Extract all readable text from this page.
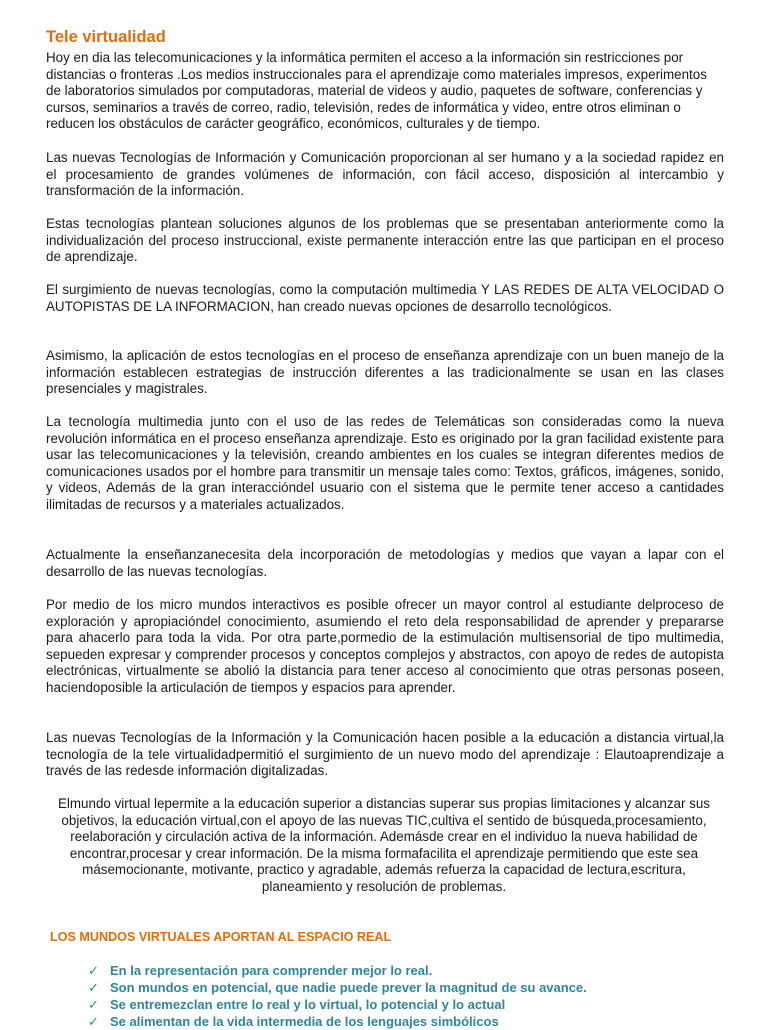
Tele virtualidad

Hoy en dia las telecomunicaciones y la informática permiten el acceso a la información sin restricciones por distancias o fronteras .Los medios instruccionales para el aprendizaje como materiales impresos, experimentos de laboratorios simulados por computadoras, material de videos y audio, paquetes de software, conferencias y cursos, seminarios a través de correo, radio, televisión, redes de informática y video, entre otros eliminan o reducen los obstáculos de carácter geográfico, económicos, culturales y de tiempo.

Las nuevas Tecnologías de Información y Comunicación proporcionan al ser humano y a la sociedad rapidez en el procesamiento de grandes volúmenes de información, con fácil acceso, disposición al intercambio y transformación de la información.

Estas tecnologías plantean soluciones algunos de los problemas que se presentaban anteriormente como la individualización del proceso instruccional, existe permanente interacción entre las que participan en el proceso de aprendizaje.

El surgimiento de nuevas tecnologías, como la computación multimedia Y LAS REDES DE ALTA VELOCIDAD O AUTOPISTAS DE LA INFORMACION, han creado nuevas opciones de desarrollo tecnológicos.

Asimismo, la aplicación de estos tecnologías en el proceso de enseñanza aprendizaje con un buen manejo de la información establecen estrategias de instrucción diferentes a las tradicionalmente se usan en las clases presenciales y magistrales.

La tecnología multimedia junto con el uso de las redes de Telemáticas son consideradas como la nueva revolución informática en el proceso enseñanza aprendizaje. Esto es originado por la gran facilidad existente para usar las telecomunicaciones y la televisión, creando ambientes en los cuales se integran diferentes medios de comunicaciones usados por el hombre para transmitir un mensaje tales como: Textos, gráficos, imágenes, sonido, y videos, Además de la gran interaccióndel usuario con el sistema que le permite tener acceso a cantidades ilimitadas de recursos y a materiales actualizados.

Actualmente la enseñanzanecesita dela incorporación de metodologías y medios que vayan a lapar con el desarrollo de las nuevas tecnologías.

Por medio de los micro mundos interactivos es posible ofrecer un mayor control al estudiante delproceso de exploración y apropiacióndel conocimiento, asumiendo el reto dela responsabilidad de aprender y prepararse para ahacerlo para toda la vida. Por otra parte,pormedio de la estimulación multisensorial de tipo multimedia, sepueden expresar y comprender procesos y conceptos complejos y abstractos, con apoyo de redes de autopista electrónicas, virtualmente se abolió la distancia para tener acceso al conocimiento que otras personas poseen, haciendoposible la articulación de tiempos y espacios para aprender.

Las nuevas Tecnologías de la Información y la Comunicación hacen posible a la educación a distancia virtual,la tecnología de la tele virtualidadpermitió el surgimiento de un nuevo modo del aprendizaje : Elautoaprendizaje a través de las redesde información digitalizadas.

Elmundo virtual lepermite a la educación superior a distancias superar sus propias limitaciones y alcanzar sus objetivos, la educación virtual,con el apoyo de las nuevas TIC,cultiva el sentido de búsqueda,procesamiento, reelaboración y circulación activa de la información. Ademásde crear en el individuo la nueva habilidad de encontrar,procesar y crear información. De la misma formafacilita el aprendizaje permitiendo que este sea másemocionante, motivante, practico y agradable, además refuerza la capacidad de lectura,escritura, planeamiento y resolución de problemas.

LOS MUNDOS VIRTUALES APORTAN AL ESPACIO REAL
✓ En la representación para comprender mejor lo real.
✓ Son mundos en potencial, que nadie puede prever la magnitud de su avance.
✓ Se entremezclan entre lo real y lo virtual, lo potencial y lo actual
✓ Se alimentan de la vida intermedia de los lenguajes simbólicos
